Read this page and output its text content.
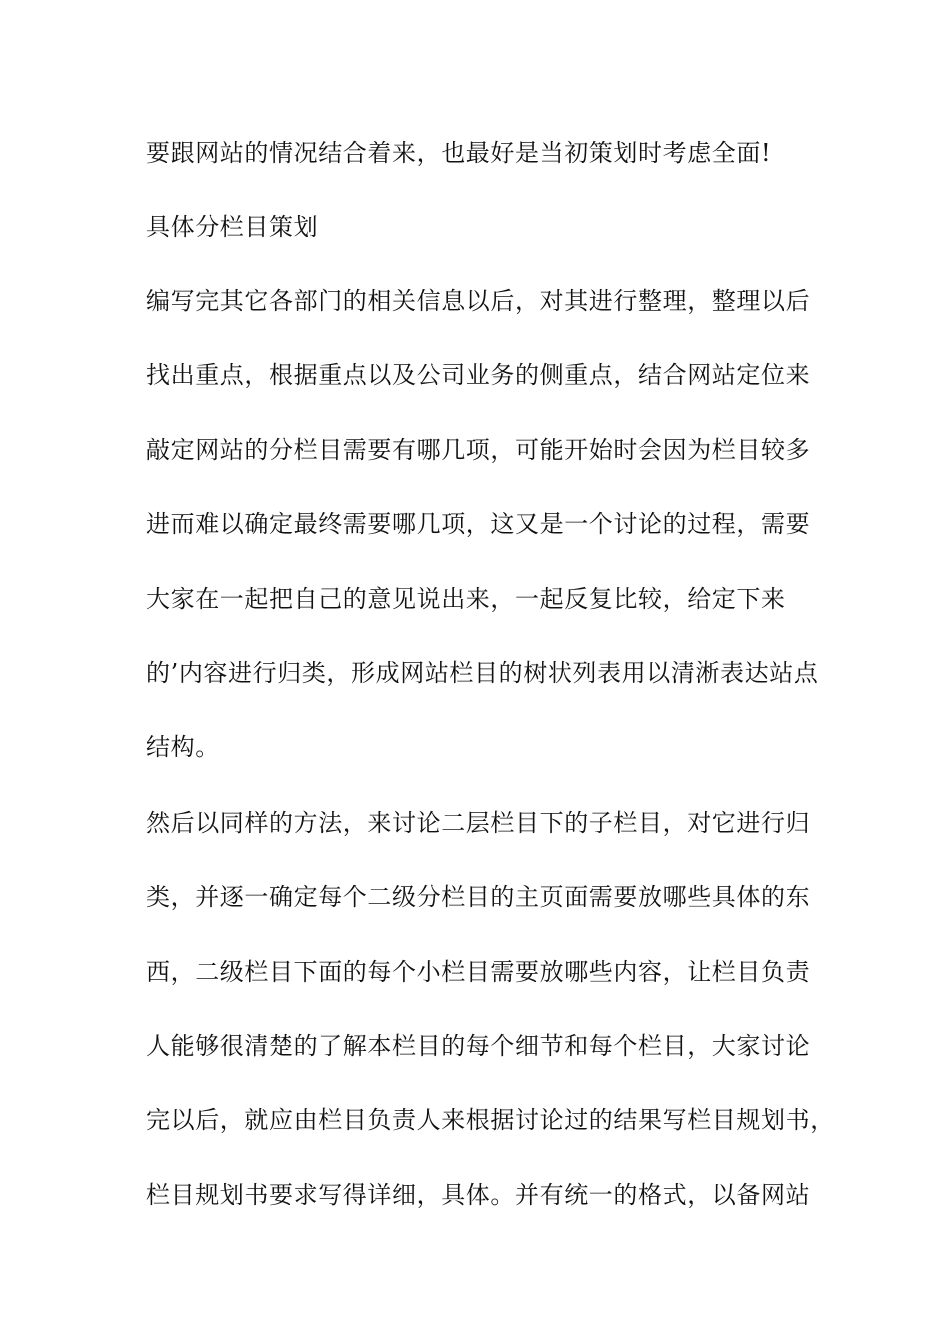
要跟网站的情况结合着来，也最好是当初策划时考虑全面!
具体分栏目策划
编写完其它各部门的相关信息以后，对其进行整理，整理以后
找出重点，根据重点以及公司业务的侧重点，结合网站定位来
敲定网站的分栏目需要有哪几项，可能开始时会因为栏目较多
进而难以确定最终需要哪几项，这又是一个讨论的过程，需要
大家在一起把自己的意见说出来，一起反复比较，给定下来
的’内容进行归类，形成网站栏目的树状列表用以清淅表达站点
结构。
然后以同样的方法，来讨论二层栏目下的子栏目，对它进行归
类，并逐一确定每个二级分栏目的主页面需要放哪些具体的东
西，二级栏目下面的每个小栏目需要放哪些内容，让栏目负责
人能够很清楚的了解本栏目的每个细节和每个栏目，大家讨论
完以后，就应由栏目负责人来根据讨论过的结果写栏目规划书，
栏目规划书要求写得详细，具体。并有统一的格式，以备网站
